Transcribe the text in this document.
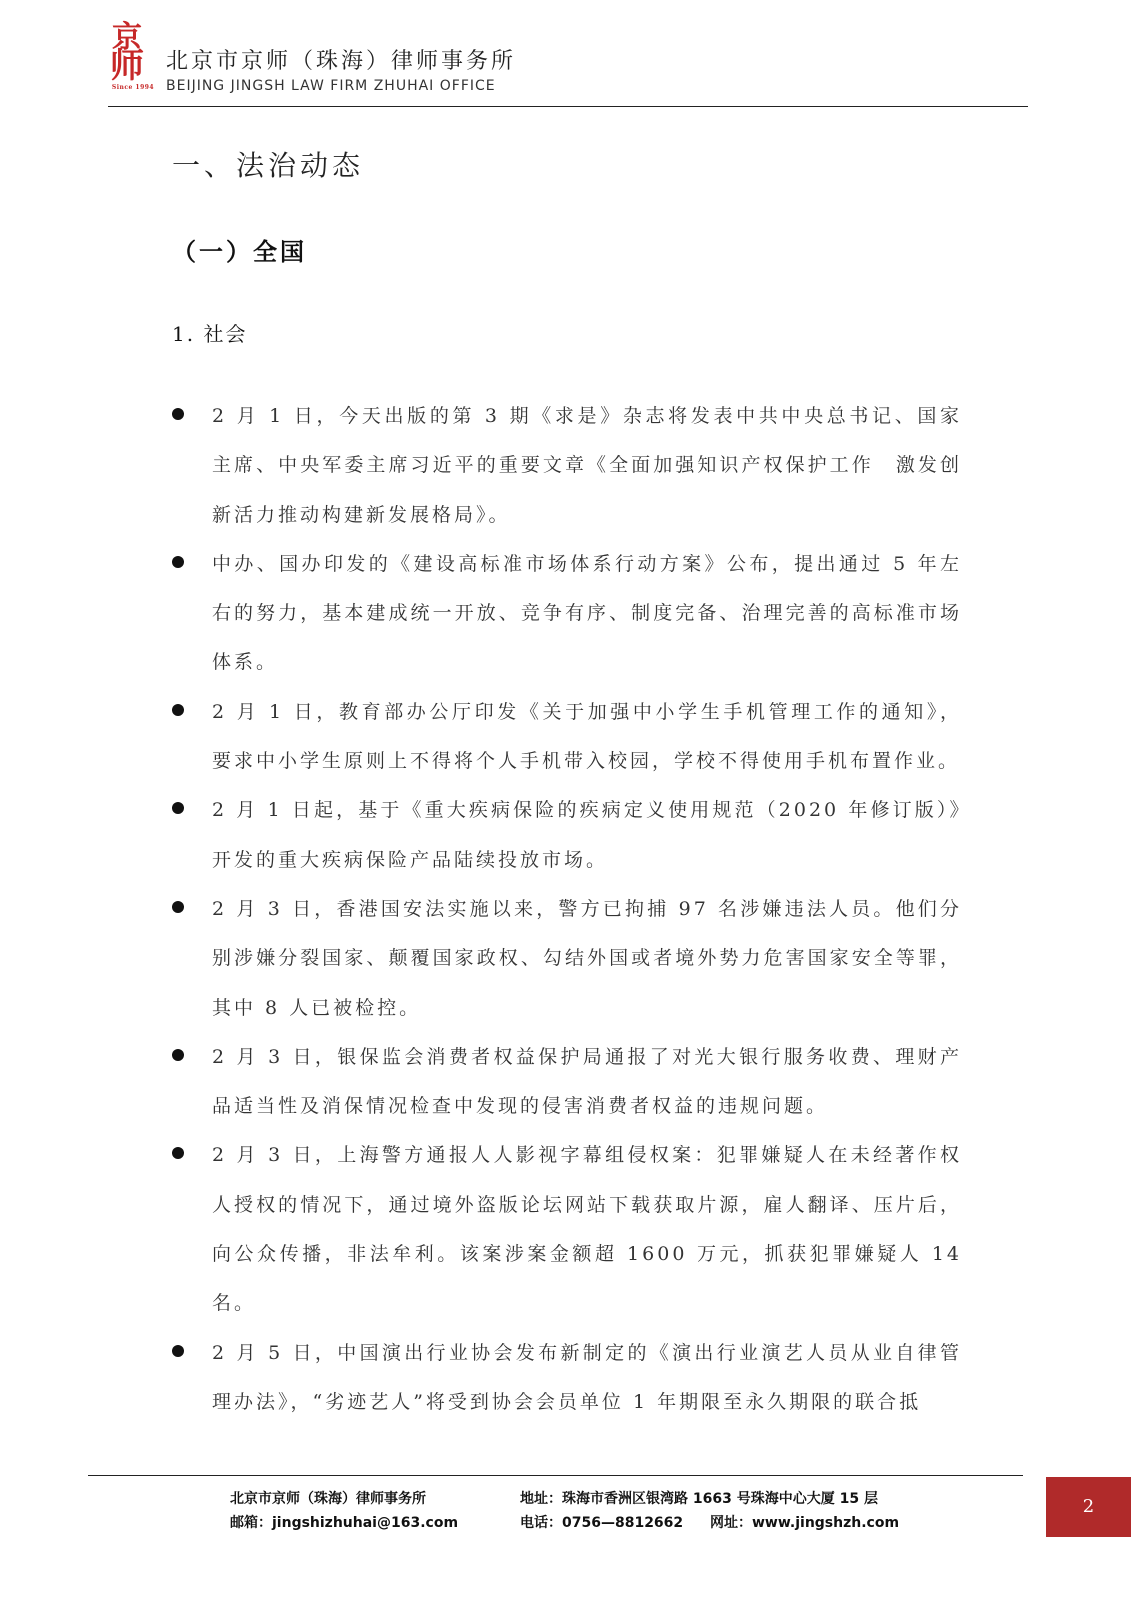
京
师
Since 1994
北京市京师（珠海）律师事务所
BEIJING JINGSH LAW FIRM ZHUHAI OFFICE
一、法治动态
（一）全国
1. 社会
2 月 1 日，今天出版的第 3 期《求是》杂志将发表中共中央总书记、国家主席、中央军委主席习近平的重要文章《全面加强知识产权保护工作　激发创新活力推动构建新发展格局》。
中办、国办印发的《建设高标准市场体系行动方案》公布，提出通过 5 年左右的努力，基本建成统一开放、竞争有序、制度完备、治理完善的高标准市场体系。
2 月 1 日，教育部办公厅印发《关于加强中小学生手机管理工作的通知》，要求中小学生原则上不得将个人手机带入校园，学校不得使用手机布置作业。
2 月 1 日起，基于《重大疾病保险的疾病定义使用规范（2020 年修订版）》开发的重大疾病保险产品陆续投放市场。
2 月 3 日，香港国安法实施以来，警方已拘捕 97 名涉嫌违法人员。他们分别涉嫌分裂国家、颠覆国家政权、勾结外国或者境外势力危害国家安全等罪，其中 8 人已被检控。
2 月 3 日，银保监会消费者权益保护局通报了对光大银行服务收费、理财产品适当性及消保情况检查中发现的侵害消费者权益的违规问题。
2 月 3 日，上海警方通报人人影视字幕组侵权案：犯罪嫌疑人在未经著作权人授权的情况下，通过境外盗版论坛网站下载获取片源，雇人翻译、压片后，向公众传播，非法牟利。该案涉案金额超 1600 万元，抓获犯罪嫌疑人 14 名。
2 月 5 日，中国演出行业协会发布新制定的《演出行业演艺人员从业自律管理办法》，“劣迹艺人”将受到协会会员单位 1 年期限至永久期限的联合抵
北京市京师（珠海）律师事务所
邮箱：jingshizhuhai@163.com
地址：珠海市香洲区银湾路 1663 号珠海中心大厦 15 层
电话：0756—8812662 网址：www.jingshzh.com
2
